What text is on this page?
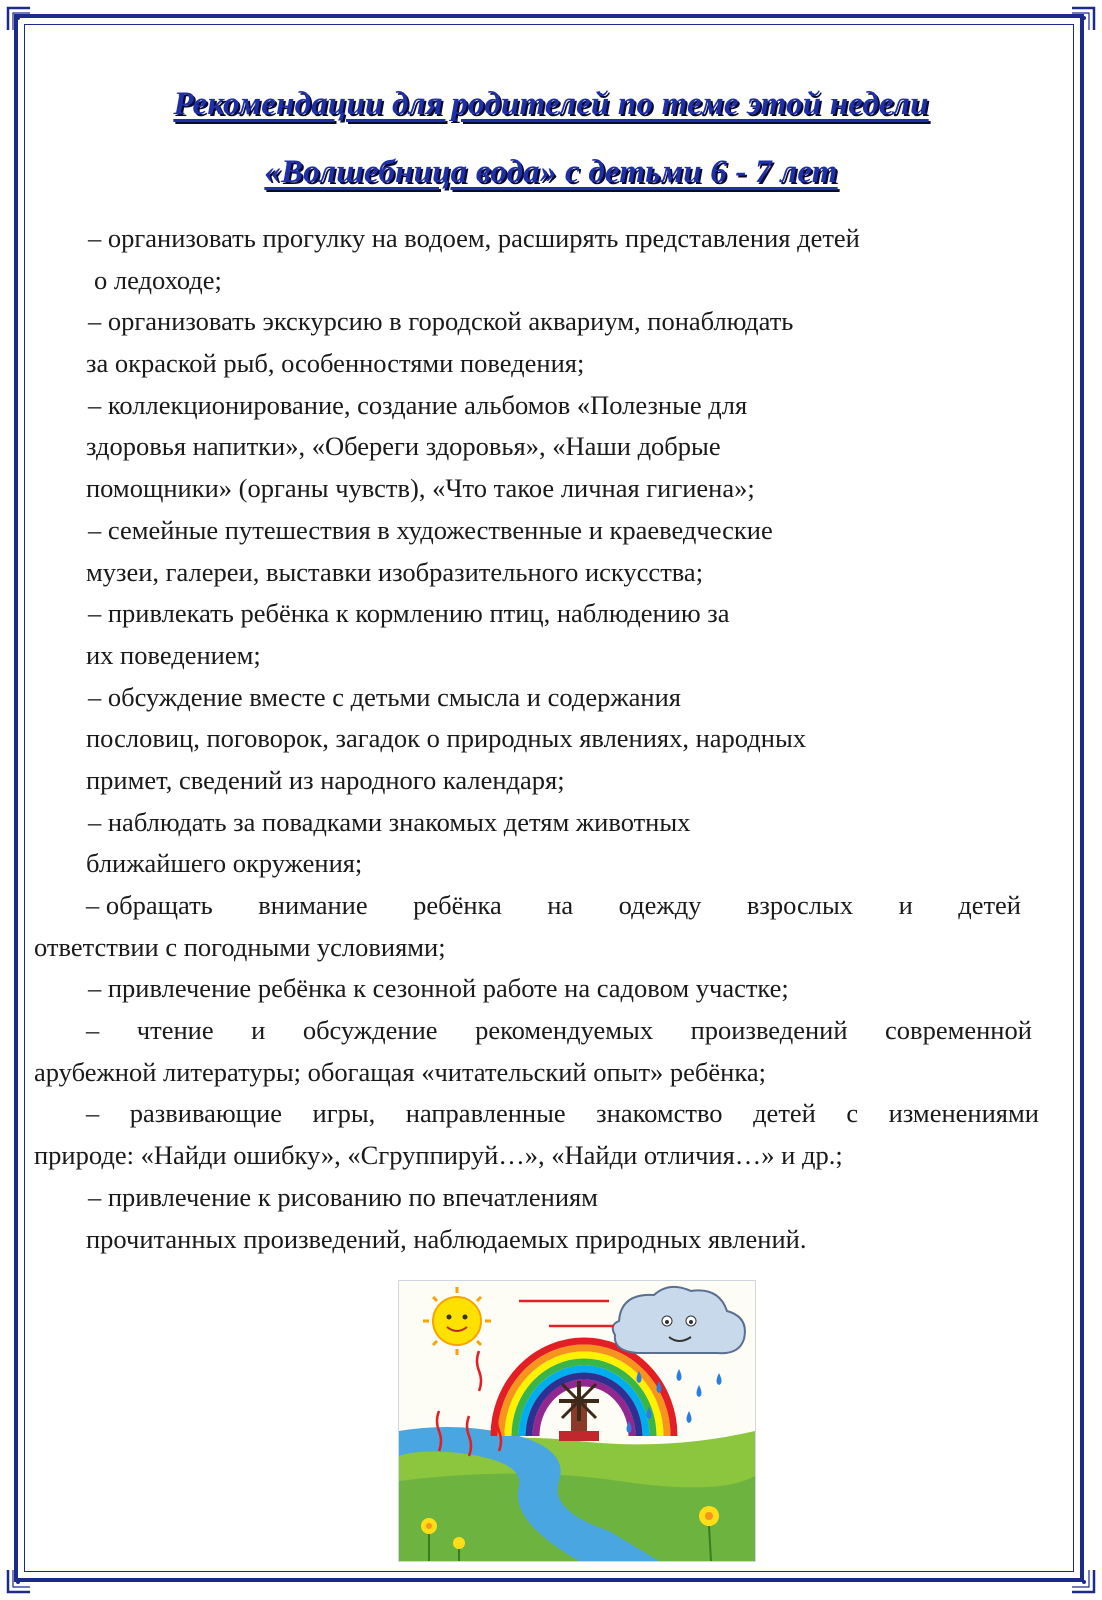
Рекомендации для родителей по теме этой недели
«Волшебница вода» с детьми 6 - 7 лет
– организовать прогулку на водоем, расширять представления детей
о ледоходе;
– организовать экскурсию в городской аквариум, понаблюдать
за окраской рыб, особенностями поведения;
– коллекционирование, создание альбомов «Полезные для
здоровья напитки», «Обереги здоровья», «Наши добрые
помощники» (органы чувств), «Что такое личная гигиена»;
– семейные путешествия в художественные и краеведческие
музеи, галереи, выставки изобразительного искусства;
– привлекать ребёнка к кормлению птиц, наблюдению за
их поведением;
– обсуждение вместе с детьми смысла и содержания
пословиц, поговорок, загадок о природных явлениях, народных
примет, сведений из народного календаря;
– наблюдать за повадками знакомых детям животных
ближайшего окружения;
– обращать внимание ребёнка на одежду взрослых и детей
ответствии с погодными условиями;
– привлечение ребёнка к сезонной работе на садовом участке;
– чтение и обсуждение рекомендуемых произведений современной
арубежной литературы; обогащая «читательский опыт» ребёнка;
– развивающие игры, направленные знакомство детей с изменениями
природе: «Найди ошибку», «Сгруппируй…», «Найди отличия…» и др.;
– привлечение к рисованию по впечатлениям
прочитанных произведений, наблюдаемых природных явлений.
